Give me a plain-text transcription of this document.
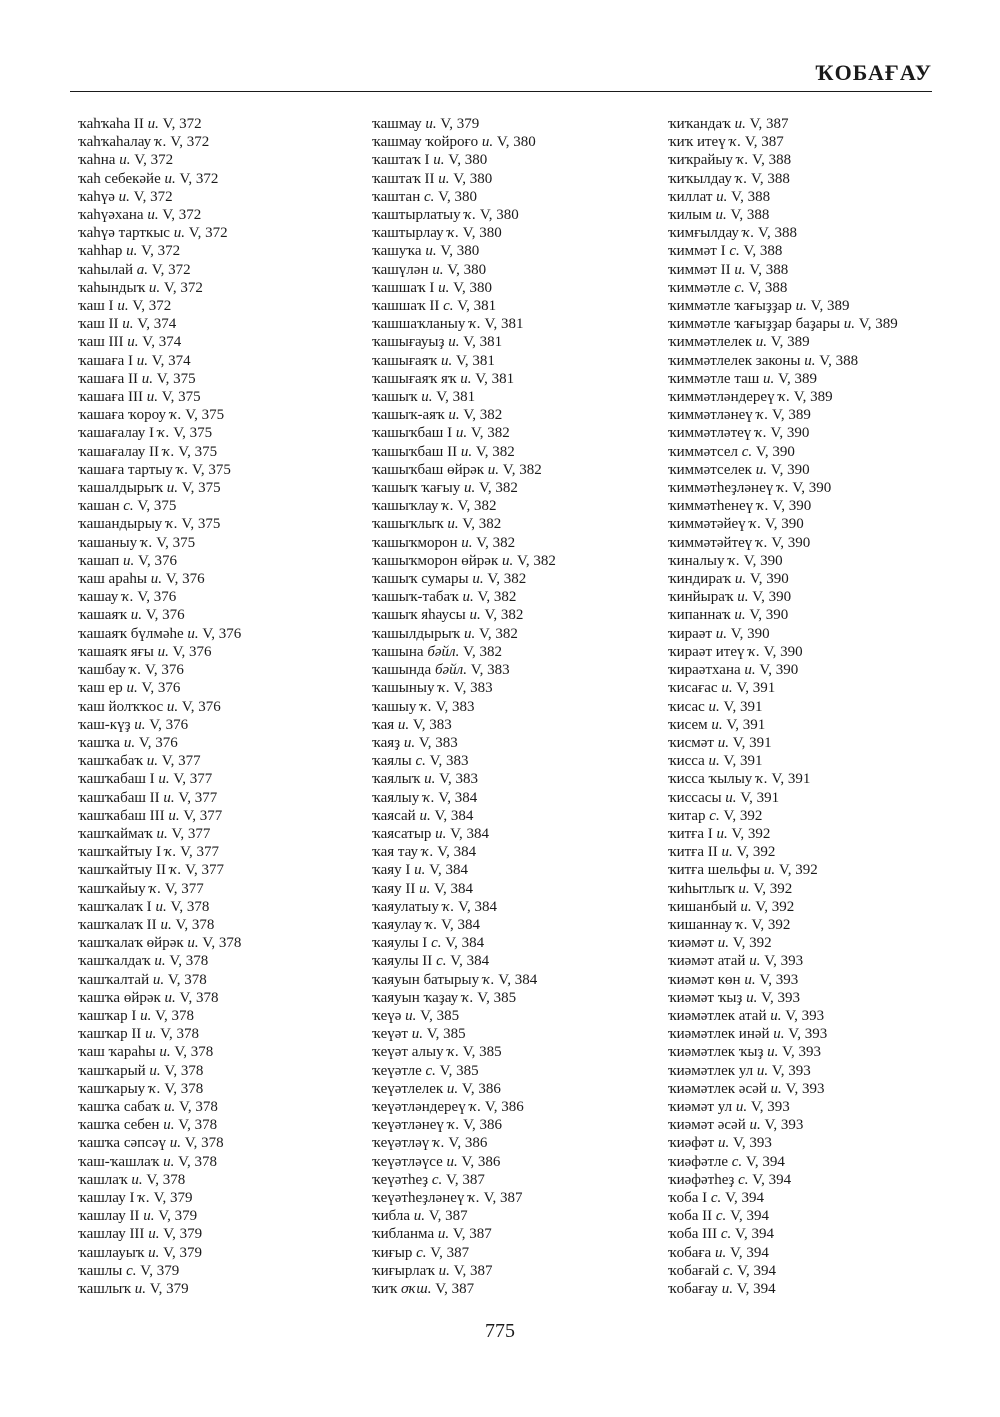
ҠОБАҒАУ
ҡаһҡаһа II и. V, 372
ҡаһҡаһалау ҡ. V, 372
ҡаһна и. V, 372
ҡаһ себекәйе и. V, 372
ҡаһүә и. V, 372
ҡаһүәхана и. V, 372
ҡаһүә тарткыс и. V, 372
ҡаһһар и. V, 372
ҡаһылай а. V, 372
ҡаһындыҡ и. V, 372
ҡаш I и. V, 372
ҡаш II и. V, 374
ҡаш III и. V, 374
ҡашаға I и. V, 374
ҡашаға II и. V, 375
ҡашаға III и. V, 375
ҡашаға ҡороу ҡ. V, 375
ҡашағалау I ҡ. V, 375
ҡашағалау II ҡ. V, 375
ҡашаға тартыу ҡ. V, 375
ҡашалдырыҡ и. V, 375
ҡашан с. V, 375
ҡашандырыу ҡ. V, 375
ҡашаныу ҡ. V, 375
ҡашап и. V, 376
ҡаш араһы и. V, 376
ҡашау ҡ. V, 376
ҡашаяҡ и. V, 376
ҡашаяҡ бүлмәһе и. V, 376
ҡашаяҡ яғы и. V, 376
ҡашбау ҡ. V, 376
ҡаш ер и. V, 376
ҡаш йолҡҡос и. V, 376
ҡаш-күҙ и. V, 376
ҡашҡа и. V, 376
ҡашҡабаҡ и. V, 377
ҡашҡабаш I и. V, 377
ҡашҡабаш II и. V, 377
ҡашҡабаш III и. V, 377
ҡашҡаймаҡ и. V, 377
ҡашҡайтыу I ҡ. V, 377
ҡашҡайтыу II ҡ. V, 377
ҡашҡайыу ҡ. V, 377
ҡашҡалаҡ I и. V, 378
ҡашҡалаҡ II и. V, 378
ҡашҡалаҡ өйрәк и. V, 378
ҡашҡалдаҡ и. V, 378
ҡашҡалтай и. V, 378
ҡашҡа өйрәк и. V, 378
ҡашҡар I и. V, 378
ҡашҡар II и. V, 378
ҡаш ҡараһы и. V, 378
ҡашҡарый и. V, 378
ҡашҡарыу ҡ. V, 378
ҡашҡа сабаҡ и. V, 378
ҡашҡа себен и. V, 378
ҡашҡа сәпсәү и. V, 378
ҡаш-ҡашлаҡ и. V, 378
ҡашлаҡ и. V, 378
ҡашлау I ҡ. V, 379
ҡашлау II и. V, 379
ҡашлау III и. V, 379
ҡашлауыҡ и. V, 379
ҡашлы с. V, 379
ҡашлыҡ и. V, 379
ҡашмау и. V, 379
ҡашмау ҡойроғо и. V, 380
ҡаштаҡ I и. V, 380
ҡаштаҡ II и. V, 380
ҡаштан с. V, 380
ҡаштырлатыу ҡ. V, 380
ҡаштырлау ҡ. V, 380
ҡашуҡа и. V, 380
ҡашүлән и. V, 380
ҡашшаҡ I и. V, 380
ҡашшаҡ II с. V, 381
ҡашшаҡланыу ҡ. V, 381
ҡашығауыҙ и. V, 381
ҡашығаяҡ и. V, 381
ҡашығаяҡ яҡ и. V, 381
ҡашыҡ и. V, 381
ҡашыҡ-аяҡ и. V, 382
ҡашыҡбаш I и. V, 382
ҡашыҡбаш II и. V, 382
ҡашыҡбаш өйрәк и. V, 382
ҡашыҡ ҡағыу и. V, 382
ҡашыҡлау ҡ. V, 382
ҡашыҡлыҡ и. V, 382
ҡашыҡморон и. V, 382
ҡашыҡморон өйрәк и. V, 382
ҡашыҡ сумары и. V, 382
ҡашыҡ-табаҡ и. V, 382
ҡашыҡ яһаусы и. V, 382
ҡашылдырыҡ и. V, 382
ҡашына бәйл. V, 382
ҡашында бәйл. V, 383
ҡашыныу ҡ. V, 383
ҡашыу ҡ. V, 383
ҡая и. V, 383
ҡаяҙ и. V, 383
ҡаялы с. V, 383
ҡаялыҡ и. V, 383
ҡаялыу ҡ. V, 384
ҡаясай и. V, 384
ҡаясатыр и. V, 384
ҡая тау ҡ. V, 384
ҡаяу I и. V, 384
ҡаяу II и. V, 384
ҡаяулатыу ҡ. V, 384
ҡаяулау ҡ. V, 384
ҡаяулы I с. V, 384
ҡаяулы II с. V, 384
ҡаяуын батырыу ҡ. V, 384
ҡаяуын ҡаҙау ҡ. V, 385
ҡеүә и. V, 385
ҡеүәт и. V, 385
ҡеүәт алыу ҡ. V, 385
ҡеүәтле с. V, 385
ҡеүәтлелек и. V, 386
ҡеүәтләндереү ҡ. V, 386
ҡеүәтләнеү ҡ. V, 386
ҡеүәтләү ҡ. V, 386
ҡеүәтләүсе и. V, 386
ҡеүәтһеҙ с. V, 387
ҡеүәтһеҙләнеү ҡ. V, 387
ҡибла и. V, 387
ҡибланма и. V, 387
ҡиғыр с. V, 387
ҡиғырлаҡ и. V, 387
ҡиҡ оҡш. V, 387
ҡиҡандаҡ и. V, 387
ҡиҡ итеү ҡ. V, 387
ҡиҡрайыу ҡ. V, 388
ҡиҡылдау ҡ. V, 388
ҡиллат и. V, 388
ҡилым и. V, 388
ҡимғылдау ҡ. V, 388
ҡиммәт I с. V, 388
ҡиммәт II и. V, 388
ҡиммәтле с. V, 388
ҡиммәтле ҡағыҙҙар и. V, 389
ҡиммәтле ҡағыҙҙар баҙары и. V, 389
ҡиммәтлелек и. V, 389
ҡиммәтлелек законы и. V, 388
ҡиммәтле таш и. V, 389
ҡиммәтләндереү ҡ. V, 389
ҡиммәтләнеү ҡ. V, 389
ҡиммәтләтеү ҡ. V, 390
ҡиммәтсел с. V, 390
ҡиммәтселек и. V, 390
ҡиммәтһеҙләнеү ҡ. V, 390
ҡиммәтһенеү ҡ. V, 390
ҡиммәтәйеү ҡ. V, 390
ҡиммәтәйтеү ҡ. V, 390
ҡиналыу ҡ. V, 390
ҡиндираҡ и. V, 390
ҡинйыраҡ и. V, 390
ҡипаннаҡ и. V, 390
ҡираәт и. V, 390
ҡираәт итеү ҡ. V, 390
ҡираәтхана и. V, 390
ҡисағас и. V, 391
ҡисас и. V, 391
ҡисем и. V, 391
ҡисмәт и. V, 391
ҡисса и. V, 391
ҡисса ҡылыу ҡ. V, 391
ҡиссасы и. V, 391
ҡитар с. V, 392
ҡитға I и. V, 392
ҡитға II и. V, 392
ҡитға шельфы и. V, 392
ҡиһытлыҡ и. V, 392
ҡишанбый и. V, 392
ҡишаннау ҡ. V, 392
ҡиәмәт и. V, 392
ҡиәмәт атай и. V, 393
ҡиәмәт көн и. V, 393
ҡиәмәт ҡыҙ и. V, 393
ҡиәмәтлек атай и. V, 393
ҡиәмәтлек инәй и. V, 393
ҡиәмәтлек ҡыҙ и. V, 393
ҡиәмәтлек ул и. V, 393
ҡиәмәтлек әсәй и. V, 393
ҡиәмәт ул и. V, 393
ҡиәмәт әсәй и. V, 393
ҡиәфәт и. V, 393
ҡиәфәтле с. V, 394
ҡиәфәтһеҙ с. V, 394
ҡоба I с. V, 394
ҡоба II с. V, 394
ҡоба III с. V, 394
ҡобаға и. V, 394
ҡобағай с. V, 394
ҡобағау и. V, 394
775
